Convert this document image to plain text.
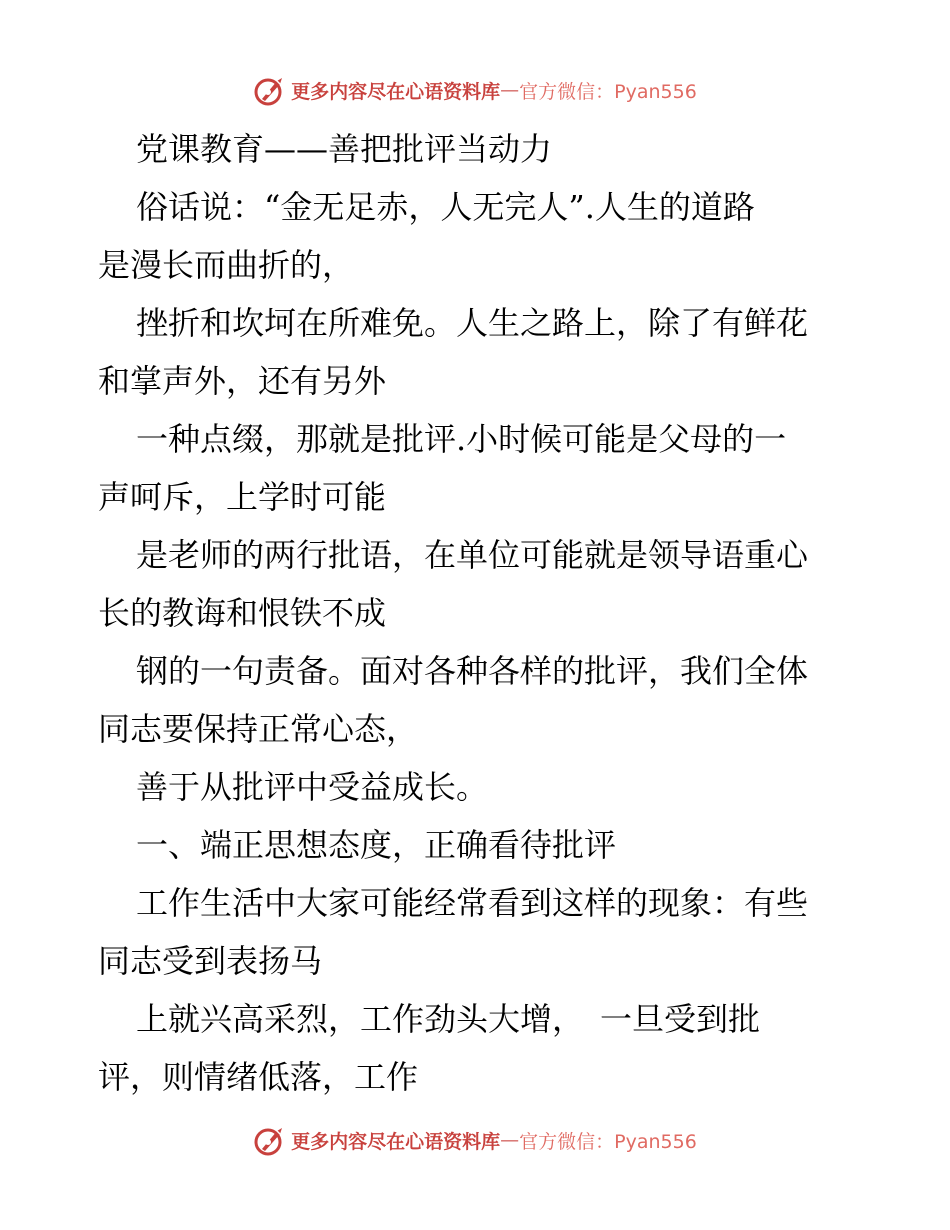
更多内容尽在心语资料库 — 官方微信：Pyan556
党课教育——善把批评当动力
俗话说：“金无足赤，人无完人”.人生的道路
是漫长而曲折的，
挫折和坎坷在所难免。人生之路上，除了有鲜花
和掌声外，还有另外
一种点缀，那就是批评.小时候可能是父母的一
声呵斥，上学时可能
是老师的两行批语，在单位可能就是领导语重心
长的教诲和恨铁不成
钢的一句责备。面对各种各样的批评，我们全体
同志要保持正常心态，
善于从批评中受益成长。
一、端正思想态度，正确看待批评
工作生活中大家可能经常看到这样的现象：有些
同志受到表扬马
上就兴高采烈，工作劲头大增，　一旦受到批
评，则情绪低落，工作
更多内容尽在心语资料库 — 官方微信：Pyan556
